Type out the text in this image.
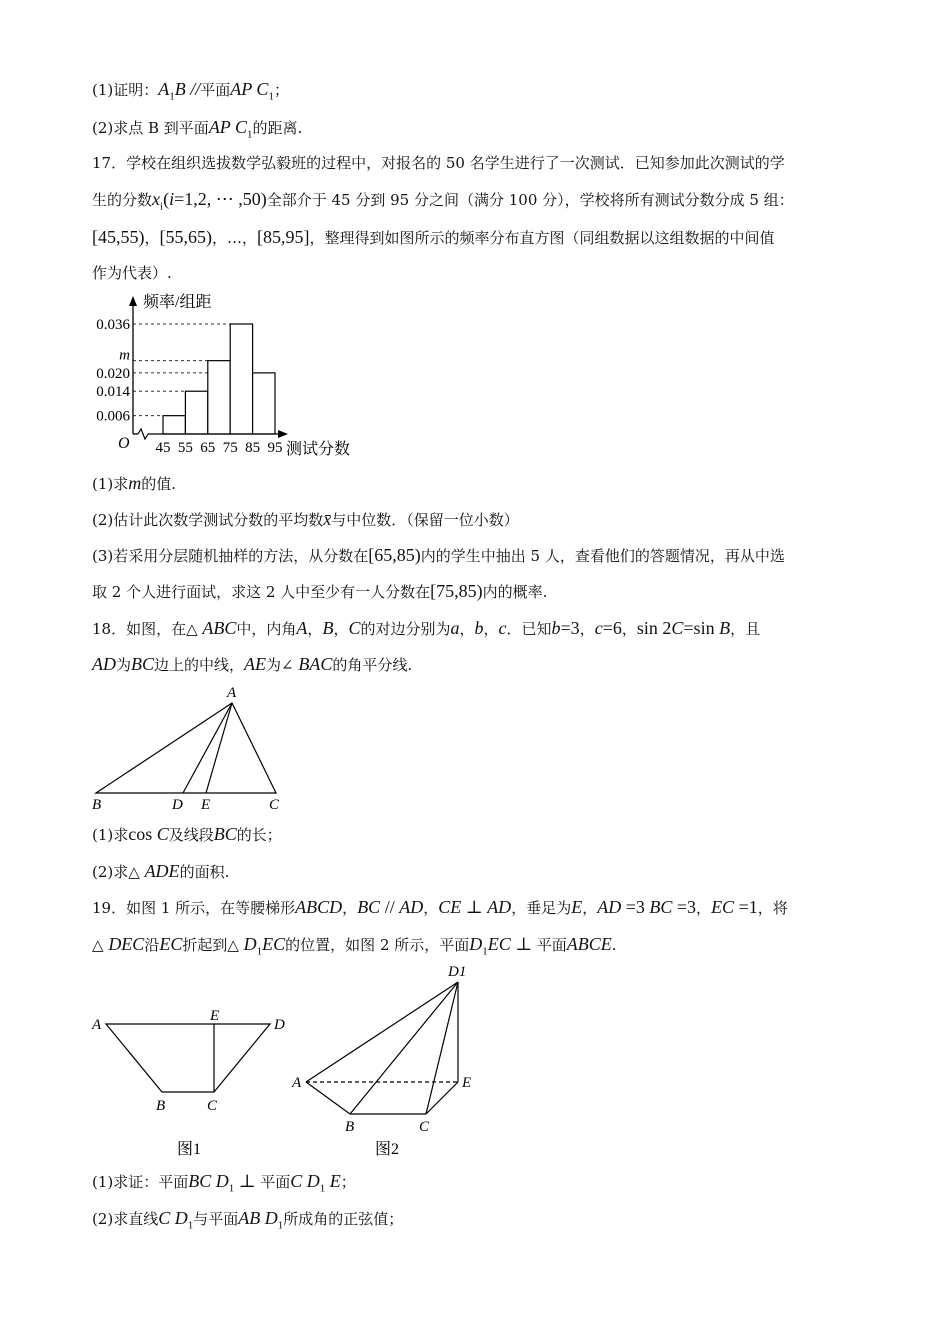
(1)证明：$A_1B$ //平面AP $C_1$；
(2)求点 B 到平面AP $C_1$的距离.
17．学校在组织选拔数学弘毅班的过程中，对报名的 50 名学生进行了一次测试．已知参加此次测试的学
生的分数$x_i(i=1,2$, ⋯ ,50)全部介于 45 分到 95 分之间（满分 100 分），学校将所有测试分数分成 5 组：
[45,55)，[55,65)，…，[85,95]，整理得到如图所示的频率分布直方图（同组数据以这组数据的中间值
作为代表）.
频率/组距
测试分数
O 45 55 65 75 85 95
0.036
m
0.020
0.014
0.006
(1)求m的值.
(2)估计此次数学测试分数的平均数x̄与中位数．（保留一位小数）
(3)若采用分层随机抽样的方法，从分数在[65,85)内的学生中抽出 5 人，查看他们的答题情况，再从中选
取 2 个人进行面试，求这 2 人中至少有一人分数在[75,85)内的概率.
18．如图，在△ ABC中，内角A，B，C的对边分别为a，b，c．已知b=3，c=6，sin 2C=sin B，且
AD为BC边上的中线，AE为∠ BAC的角平分线.
A
B	D E	C
(1)求cos C及线段BC的长；
(2)求△ ADE的面积.
19．如图 1 所示，在等腰梯形ABCD，BC // AD，CE ⊥ AD，垂足为E，AD =3 BC =3，EC =1，将
△ DEC沿EC折起到△ $D_1EC$的位置，如图 2 所示，平面$D_1EC$ ⊥ 平面ABCE.
A
E
D
B	C
图1
D1
A	E
B	C
图2
(1)求证：平面BC $D_1$ ⊥ 平面C $D_1$ E；
(2)求直线C $D_1$与平面AB $D_1$所成角的正弦值；
